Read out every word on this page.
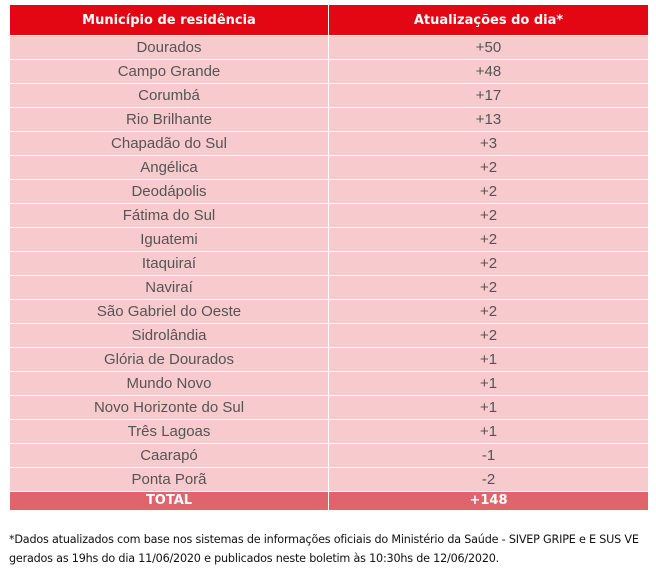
Município de residência	Atualizações do dia*
Dourados	+50
Campo Grande	+48
Corumbá	+17
Rio Brilhante	+13
Chapadão do Sul	+3
Angélica	+2
Deodápolis	+2
Fátima do Sul	+2
Iguatemi	+2
Itaquiraí	+2
Naviraí	+2
São Gabriel do Oeste	+2
Sidrolândia	+2
Glória de Dourados	+1
Mundo Novo	+1
Novo Horizonte do Sul	+1
Três Lagoas	+1
Caarapó	-1
Ponta Porã	-2
TOTAL	+148
*Dados atualizados com base nos sistemas de informações oficiais do Ministério da Saúde - SIVEP GRIPE e E SUS VE gerados as 19hs do dia 11/06/2020 e publicados neste boletim às 10:30hs de 12/06/2020.
